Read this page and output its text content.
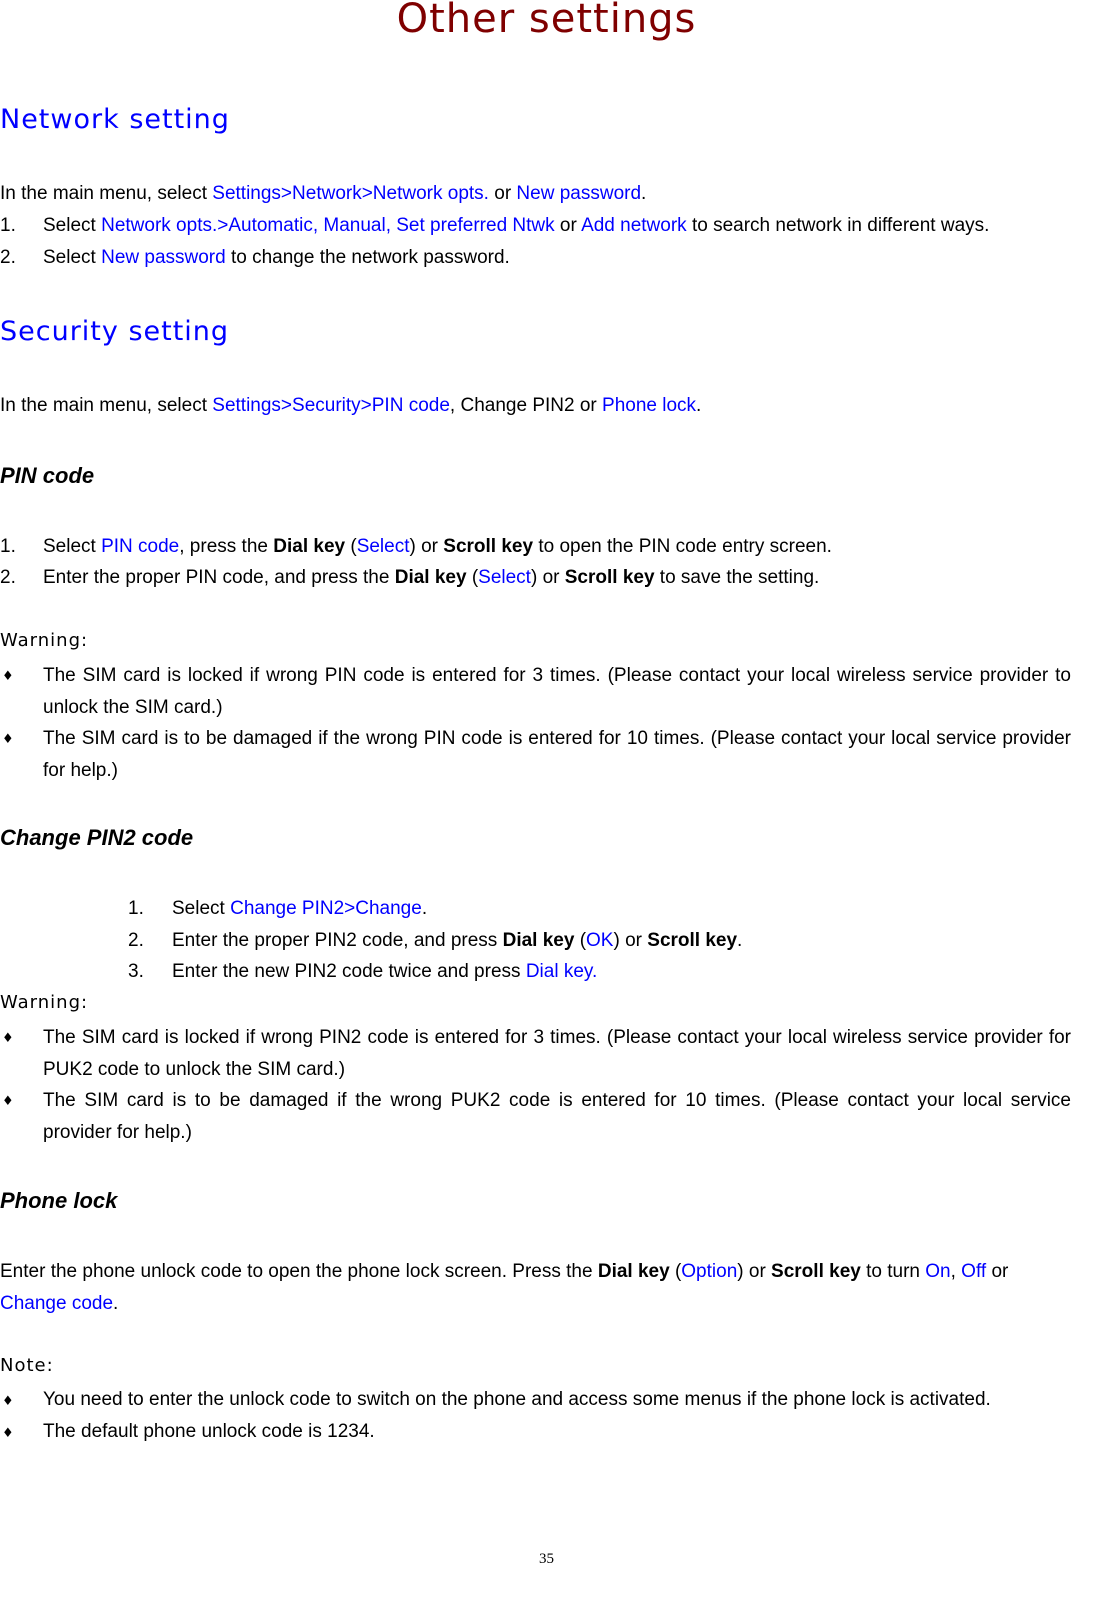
Other settings
Network setting
In the main menu, select Settings>Network>Network opts. or New password.
1. Select Network opts.>Automatic, Manual, Set preferred Ntwk or Add network to search network in different ways.
2. Select New password to change the network password.
Security setting
In the main menu, select Settings>Security>PIN code, Change PIN2 or Phone lock.
PIN code
1. Select PIN code, press the Dial key (Select) or Scroll key to open the PIN code entry screen.
2. Enter the proper PIN code, and press the Dial key (Select) or Scroll key to save the setting.
Warning:
♦ The SIM card is locked if wrong PIN code is entered for 3 times. (Please contact your local wireless service provider to unlock the SIM card.)
♦ The SIM card is to be damaged if the wrong PIN code is entered for 10 times. (Please contact your local service provider for help.)
Change PIN2 code
1. Select Change PIN2>Change.
2. Enter the proper PIN2 code, and press Dial key (OK) or Scroll key.
3. Enter the new PIN2 code twice and press Dial key.
Warning:
♦ The SIM card is locked if wrong PIN2 code is entered for 3 times. (Please contact your local wireless service provider for PUK2 code to unlock the SIM card.)
♦ The SIM card is to be damaged if the wrong PUK2 code is entered for 10 times. (Please contact your local service provider for help.)
Phone lock
Enter the phone unlock code to open the phone lock screen. Press the Dial key (Option) or Scroll key to turn On, Off or
Change code.
Note:
♦ You need to enter the unlock code to switch on the phone and access some menus if the phone lock is activated.
♦ The default phone unlock code is 1234.
35
